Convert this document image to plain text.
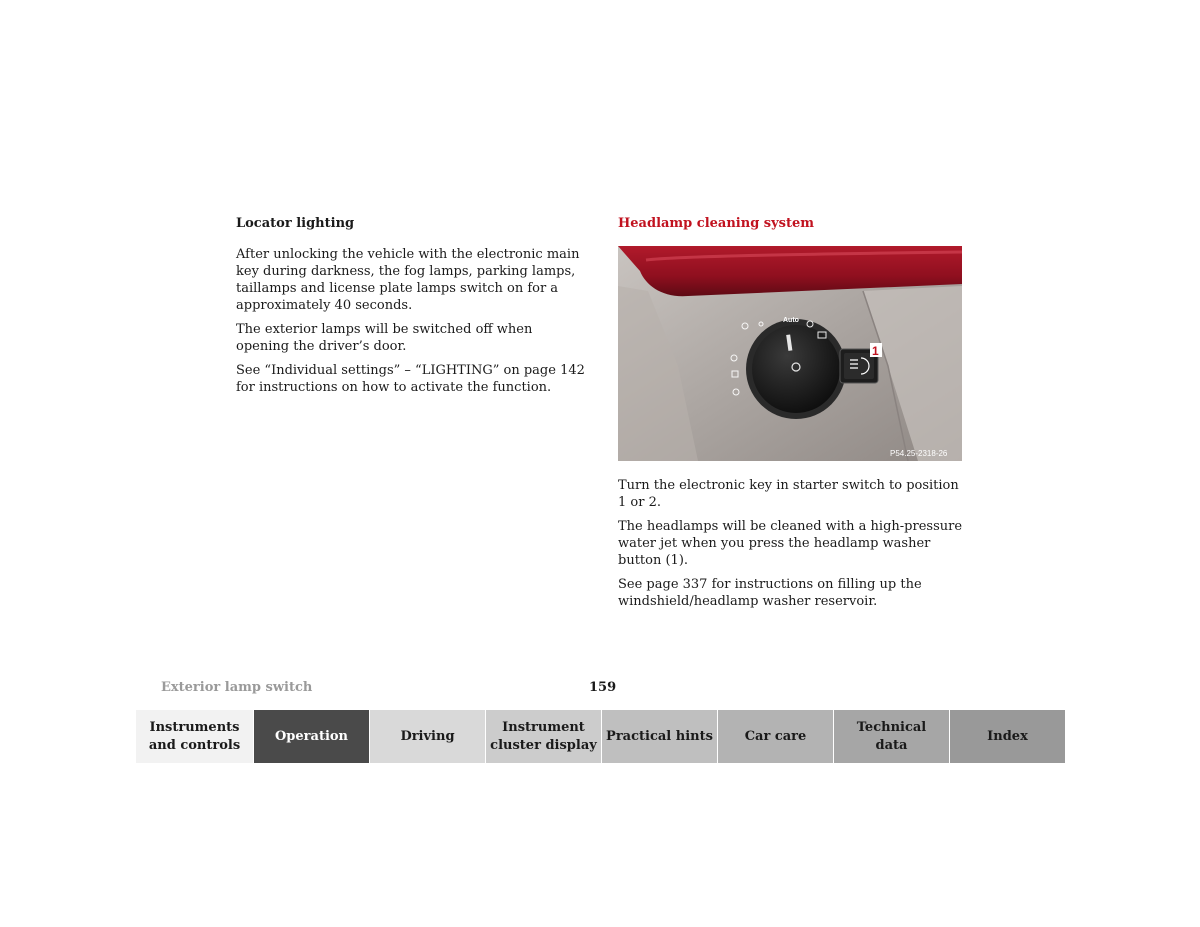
Locator lighting

After unlocking the vehicle with the electronic main key during darkness, the fog lamps, parking lamps, taillamps and license plate lamps switch on for a approximately 40 seconds.

The exterior lamps will be switched off when opening the driver’s door.

See “Individual settings” – “LIGHTING” on page 142 for instructions on how to activate the function.

Headlamp cleaning system
Auto
1
P54.25-2318-26

Turn the electronic key in starter switch to position 1 or 2.

The headlamps will be cleaned with a high-pressure water jet when you press the headlamp washer button (1).

See page 337 for instructions on filling up the windshield/headlamp washer reservoir.

Exterior lamp switch	159
Instruments
and controls
Operation	Driving
Instrument
cluster display
Practical hints	Car care
Technical
data
Index
